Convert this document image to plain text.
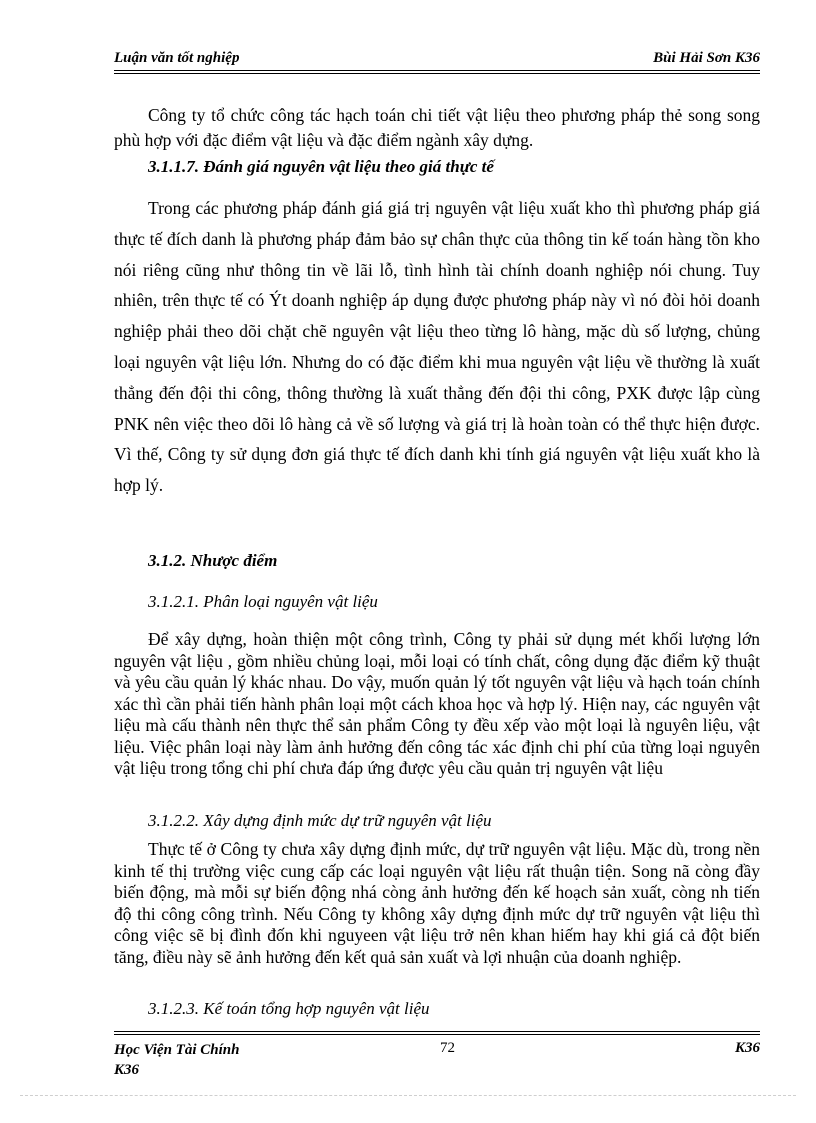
Luận văn tốt nghiệp	Bùi Hải Sơn K36

Công ty tổ chức công tác hạch toán chi tiết vật liệu theo phương pháp thẻ song song phù hợp với đặc điểm vật liệu và đặc điểm ngành xây dựng.

3.1.1.7. Đánh giá nguyên vật liệu theo giá thực tế

Trong các phương pháp đánh giá giá trị nguyên vật liệu xuất kho thì phương pháp giá thực tế đích danh là phương pháp đảm bảo sự chân thực của thông tin kế toán hàng tồn kho nói riêng cũng như thông tin về lãi lỗ, tình hình tài chính doanh nghiệp nói chung. Tuy nhiên, trên thực tế có Ýt doanh nghiệp áp dụng được phương pháp này vì nó đòi hỏi doanh nghiệp phải theo dõi chặt chẽ nguyên vật liệu theo từng lô hàng, mặc dù số lượng, chủng loại nguyên vật liệu lớn. Nhưng do có đặc điểm khi mua nguyên vật liệu về thường là xuất thẳng đến đội thi công, thông thường là xuất thẳng đến đội thi công, PXK được lập cùng PNK nên việc theo dõi lô hàng cả về số lượng và giá trị là hoàn toàn có thể thực hiện được. Vì thế, Công ty sử dụng đơn giá thực tế đích danh khi tính giá nguyên vật liệu xuất kho là hợp lý.

3.1.2. Nhược điểm
3.1.2.1. Phân loại nguyên vật liệu

Để xây dựng, hoàn thiện một công trình, Công ty phải sử dụng mét khối lượng lớn nguyên vật liệu , gồm nhiều chủng loại, mỗi loại có tính chất, công dụng đặc điểm kỹ thuật và yêu cầu quản lý khác nhau. Do vậy, muốn quản lý tốt nguyên vật liệu và hạch toán chính xác thì cần phải tiến hành phân loại một cách khoa học và hợp lý. Hiện nay, các nguyên vật liệu mà cấu thành nên thực thể sản phẩm Công ty đều xếp vào một loại là nguyên liệu, vật liệu. Việc phân loại này làm ảnh hưởng đến công tác xác định chi phí của từng loại nguyên vật liệu trong tổng chi phí chưa đáp ứng được yêu cầu quản trị nguyên vật liệu

3.1.2.2. Xây dựng định mức dự trữ nguyên vật liệu

Thực tế ở Công ty chưa xây dựng định mức, dự trữ nguyên vật liệu. Mặc dù, trong nền kinh tế thị trường việc cung cấp các loại nguyên vật liệu rất thuận tiện. Song nã còng đầy biến động, mà mỗi sự biến động nhá còng ảnh hưởng đến kế hoạch sản xuất, còng nh tiến độ thi công công trình. Nếu Công ty không xây dựng định mức dự trữ nguyên vật liệu thì công việc sẽ bị đình đốn khi nguyeen vật liệu trở nên khan hiếm hay khi giá cả đột biến tăng, điều này sẽ ảnh hưởng đến kết quả sản xuất và lợi nhuận của doanh nghiệp.

3.1.2.3. Kế toán tổng hợp nguyên vật liệu
Học Viện Tài Chính K36
72	K36
